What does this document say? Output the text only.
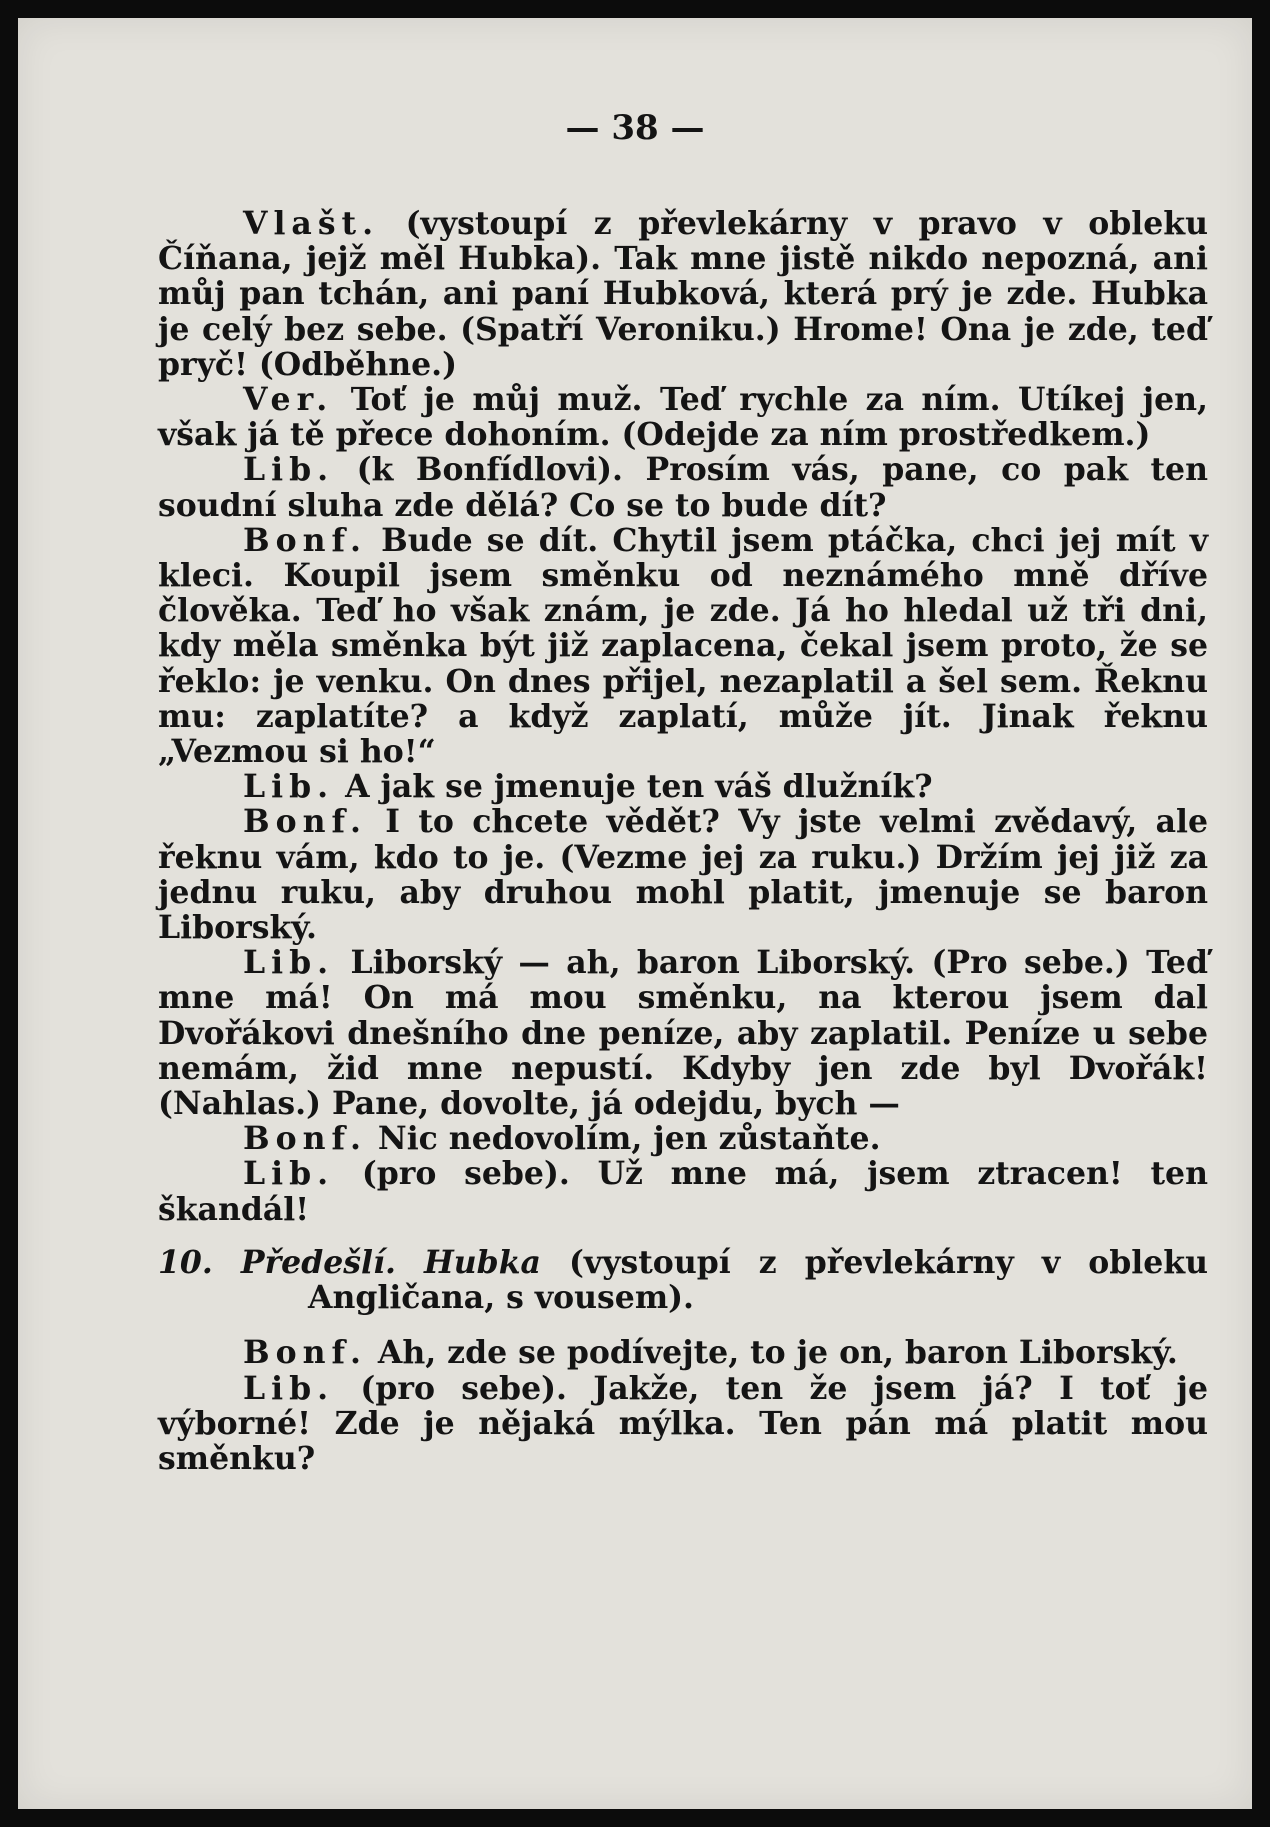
— 38 —

Vlašt. (vystoupí z převlekárny v pravo v obleku Číňana, jejž měl Hubka). Tak mne jistě nikdo nepozná, ani můj pan tchán, ani paní Hubková, která prý je zde. Hubka je celý bez sebe. (Spatří Veroniku.) Hrome! Ona je zde, teď pryč! (Odběhne.)

Ver. Toť je můj muž. Teď rychle za ním. Utíkej jen, však já tě přece dohoním. (Odejde za ním prostředkem.)

Lib. (k Bonfídlovi). Prosím vás, pane, co pak ten soudní sluha zde dělá? Co se to bude dít?

Bonf. Bude se dít. Chytil jsem ptáčka, chci jej mít v kleci. Koupil jsem směnku od neznámého mně dříve člověka. Teď ho však znám, je zde. Já ho hledal už tři dni, kdy měla směnka být již zaplacena, čekal jsem proto, že se řeklo: je venku. On dnes přijel, nezaplatil a šel sem. Řeknu mu: zaplatíte? a když zaplatí, může jít. Jinak řeknu „Vezmou si ho!“

Lib. A jak se jmenuje ten váš dlužník?

Bonf. I to chcete vědět? Vy jste velmi zvědavý, ale řeknu vám, kdo to je. (Vezme jej za ruku.) Držím jej již za jednu ruku, aby druhou mohl platit, jmenuje se baron Liborský.

Lib. Liborský — ah, baron Liborský. (Pro sebe.) Teď mne má! On má mou směnku, na kterou jsem dal Dvořákovi dnešního dne peníze, aby zaplatil. Peníze u sebe nemám, žid mne nepustí. Kdyby jen zde byl Dvořák! (Nahlas.) Pane, dovolte, já odejdu, bych —

Bonf. Nic nedovolím, jen zůstaňte.

Lib. (pro sebe). Už mne má, jsem ztracen! ten škandál!

10. Předešlí. Hubka (vystoupí z převlekárny v obleku Angličana, s vousem).

Bonf. Ah, zde se podívejte, to je on, baron Liborský.

Lib. (pro sebe). Jakže, ten že jsem já? I toť je výborné! Zde je nějaká mýlka. Ten pán má platit mou směnku?
